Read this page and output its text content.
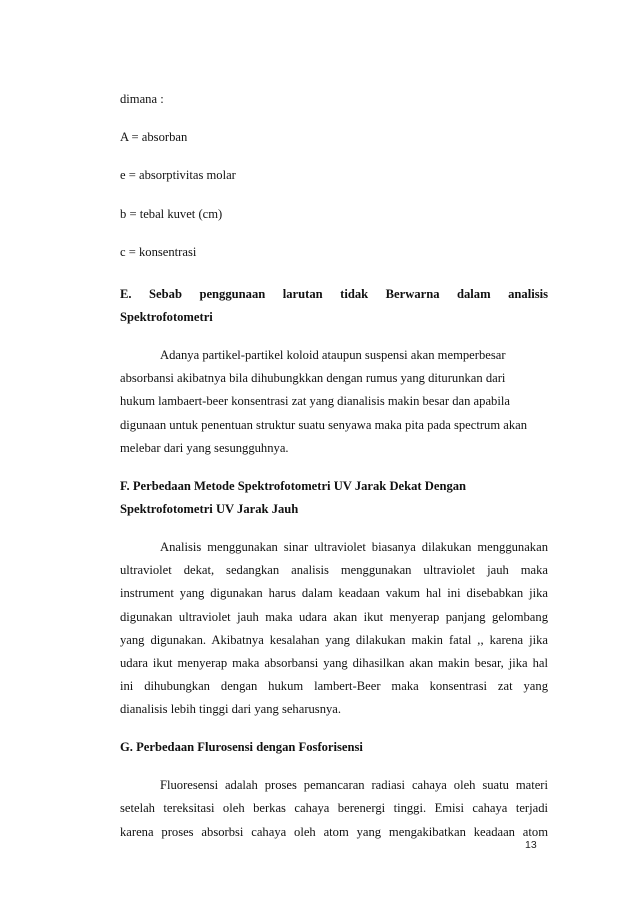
dimana :
A = absorban
e = absorptivitas molar
b = tebal kuvet (cm)
c = konsentrasi
E. Sebab penggunaan larutan tidak Berwarna dalam analisis
Spektrofotometri
Adanya partikel-partikel koloid ataupun suspensi akan memperbesar
absorbansi akibatnya bila dihubungkkan dengan rumus yang diturunkan dari
hukum lambaert-beer konsentrasi zat yang dianalisis makin besar dan apabila
digunaan untuk penentuan struktur suatu senyawa maka pita pada spectrum akan
melebar dari yang sesungguhnya.
F. Perbedaan Metode Spektrofotometri UV Jarak Dekat Dengan
Spektrofotometri UV Jarak Jauh
Analisis menggunakan sinar ultraviolet biasanya dilakukan menggunakan
ultraviolet dekat, sedangkan analisis menggunakan ultraviolet jauh maka
instrument yang digunakan harus dalam keadaan vakum hal ini disebabkan jika
digunakan ultraviolet jauh maka udara akan ikut menyerap panjang gelombang
yang digunakan. Akibatnya kesalahan yang dilakukan makin fatal ,, karena jika
udara ikut menyerap maka absorbansi yang dihasilkan akan makin besar, jika hal
ini dihubungkan dengan hukum lambert-Beer maka konsentrasi zat yang
dianalisis lebih tinggi dari yang seharusnya.
G. Perbedaan Flurosensi dengan Fosforisensi
Fluoresensi adalah proses pemancaran radiasi cahaya oleh suatu materi
setelah tereksitasi oleh berkas cahaya berenergi tinggi. Emisi cahaya terjadi
karena proses absorbsi cahaya oleh atom yang mengakibatkan keadaan atom
13
